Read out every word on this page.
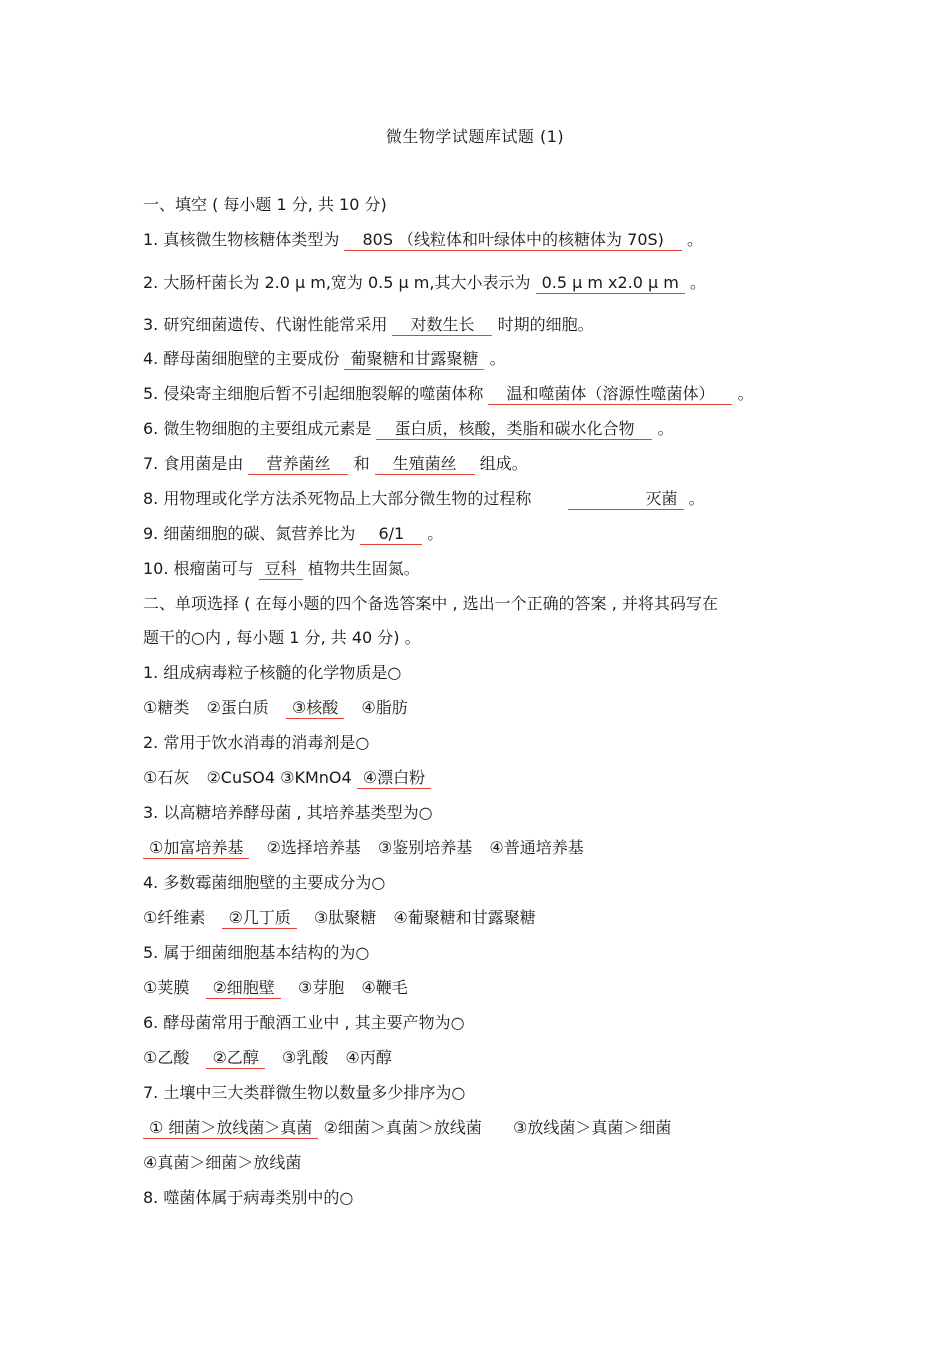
微生物学试题库试题 (1)
一、填空 ( 每小题 1 分, 共 10 分)
1. 真核微生物核糖体类型为 80S （线粒体和叶绿体中的核糖体为 70S) 。
2. 大肠杆菌长为 2.0 μ m,宽为 0.5 μ m,其大小表示为 0.5 μ m x2.0 μ m 。
3. 研究细菌遗传、代谢性能常采用 对数生长 时期的细胞。
4. 酵母菌细胞壁的主要成份 葡聚糖和甘露聚糖 。
5. 侵染寄主细胞后暂不引起细胞裂解的噬菌体称 温和噬菌体（溶源性噬菌体） 。
6. 微生物细胞的主要组成元素是 蛋白质，核酸，类脂和碳水化合物 。
7. 食用菌是由 营养菌丝 和 生殖菌丝 组成。
8. 用物理或化学方法杀死物品上大部分微生物的过程称	灭菌 。
9. 细菌细胞的碳、氮营养比为 6/1 。
10. 根瘤菌可与 豆科 植物共生固氮。
二、单项选择 ( 在每小题的四个备选答案中 , 选出一个正确的答案 , 并将其码写在
题干的○内 , 每小题 1 分, 共 40 分) 。
1. 组成病毒粒子核髓的化学物质是○
①糖类 ②蛋白质 ③核酸 ④脂肪
2. 常用于饮水消毒的消毒剂是○
①石灰 ②CuSO4 ③KMnO4 ④漂白粉
3. 以高糖培养酵母菌 , 其培养基类型为○
①加富培养基 ②选择培养基 ③鉴别培养基 ④普通培养基
4. 多数霉菌细胞壁的主要成分为○
①纤维素 ②几丁质 ③肽聚糖 ④葡聚糖和甘露聚糖
5. 属于细菌细胞基本结构的为○
①荚膜 ②细胞壁 ③芽胞 ④鞭毛
6. 酵母菌常用于酿酒工业中 , 其主要产物为○
①乙酸 ②乙醇 ③乳酸 ④丙醇
7. 土壤中三大类群微生物以数量多少排序为○
① 细菌＞放线菌＞真菌 ②细菌＞真菌＞放线菌 ③放线菌＞真菌＞细菌
④真菌＞细菌＞放线菌
8. 噬菌体属于病毒类别中的○
